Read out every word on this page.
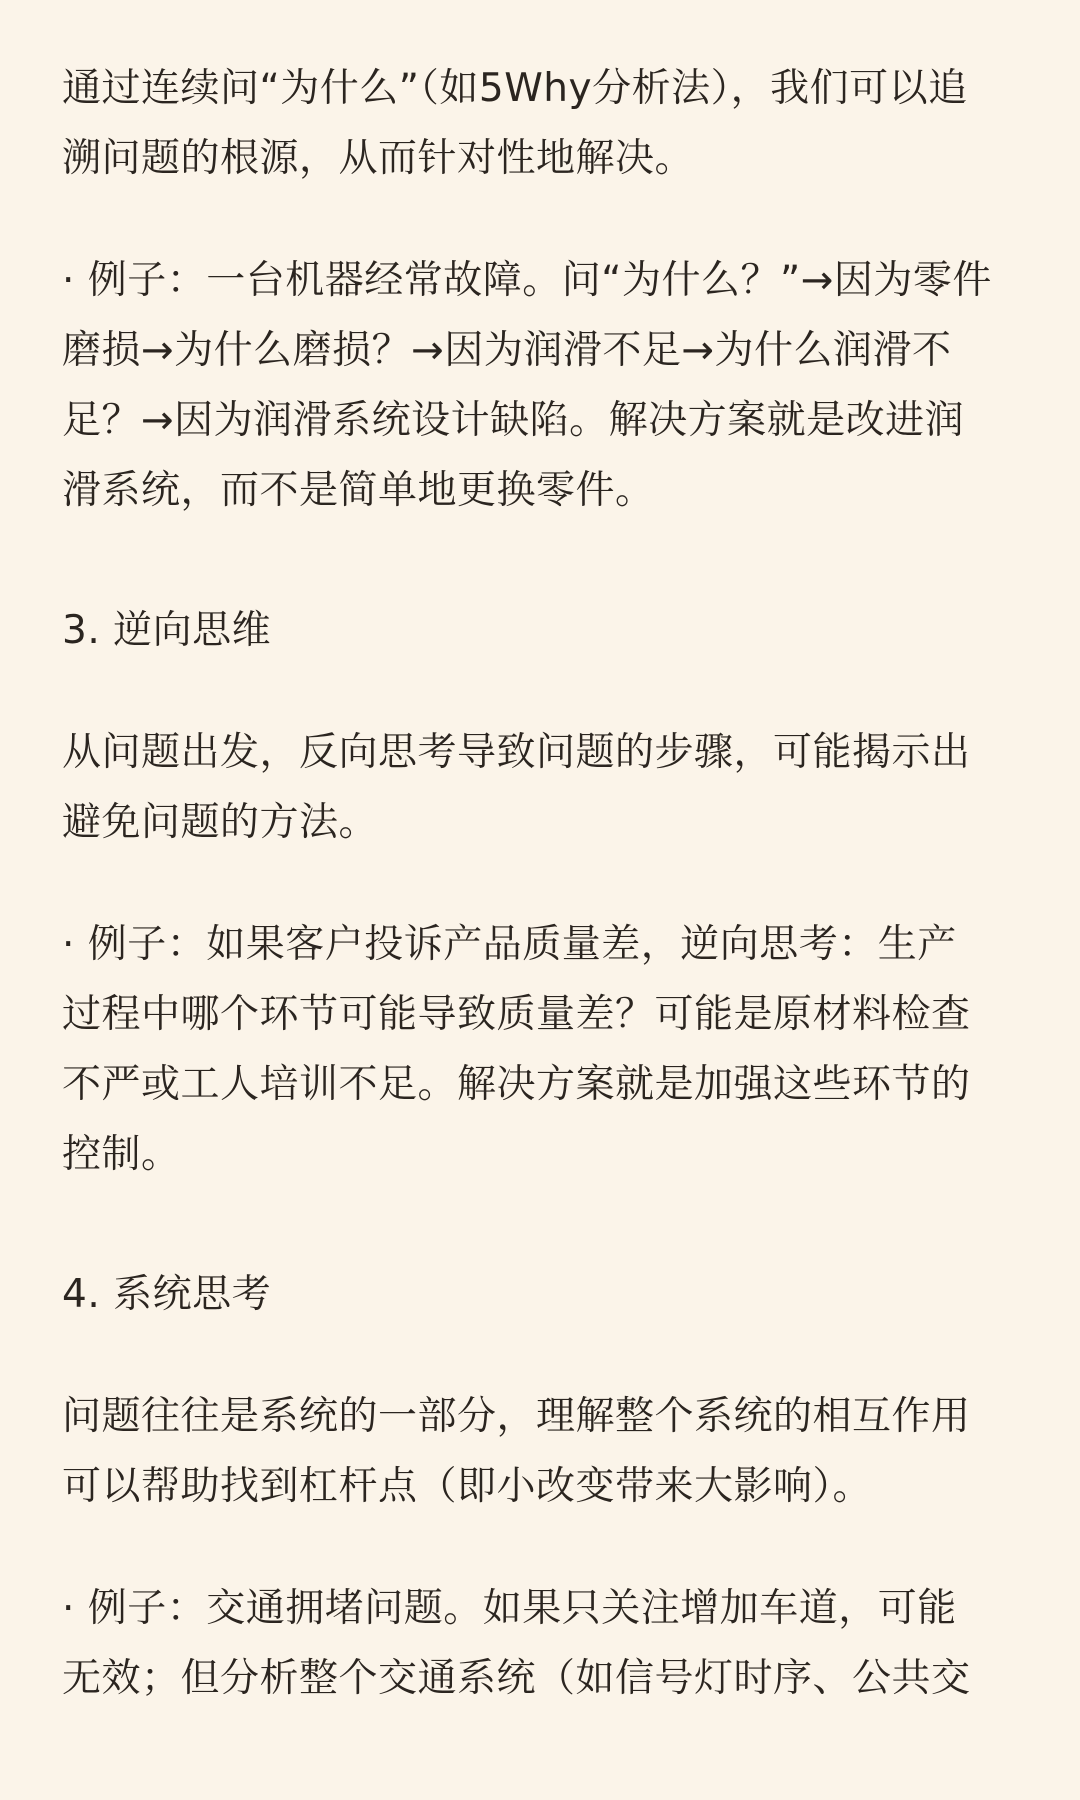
通过连续问“为什么”（如5Why分析法），我们可以追
溯问题的根源，从而针对性地解决。
· 例子：一台机器经常故障。问“为什么？”→因为零件
磨损→为什么磨损？→因为润滑不足→为什么润滑不
足？→因为润滑系统设计缺陷。解决方案就是改进润
滑系统，而不是简单地更换零件。
3. 逆向思维
从问题出发，反向思考导致问题的步骤，可能揭示出
避免问题的方法。
· 例子：如果客户投诉产品质量差，逆向思考：生产
过程中哪个环节可能导致质量差？可能是原材料检查
不严或工人培训不足。解决方案就是加强这些环节的
控制。
4. 系统思考
问题往往是系统的一部分，理解整个系统的相互作用
可以帮助找到杠杆点（即小改变带来大影响）。
· 例子：交通拥堵问题。如果只关注增加车道，可能
无效；但分析整个交通系统（如信号灯时序、公共交
